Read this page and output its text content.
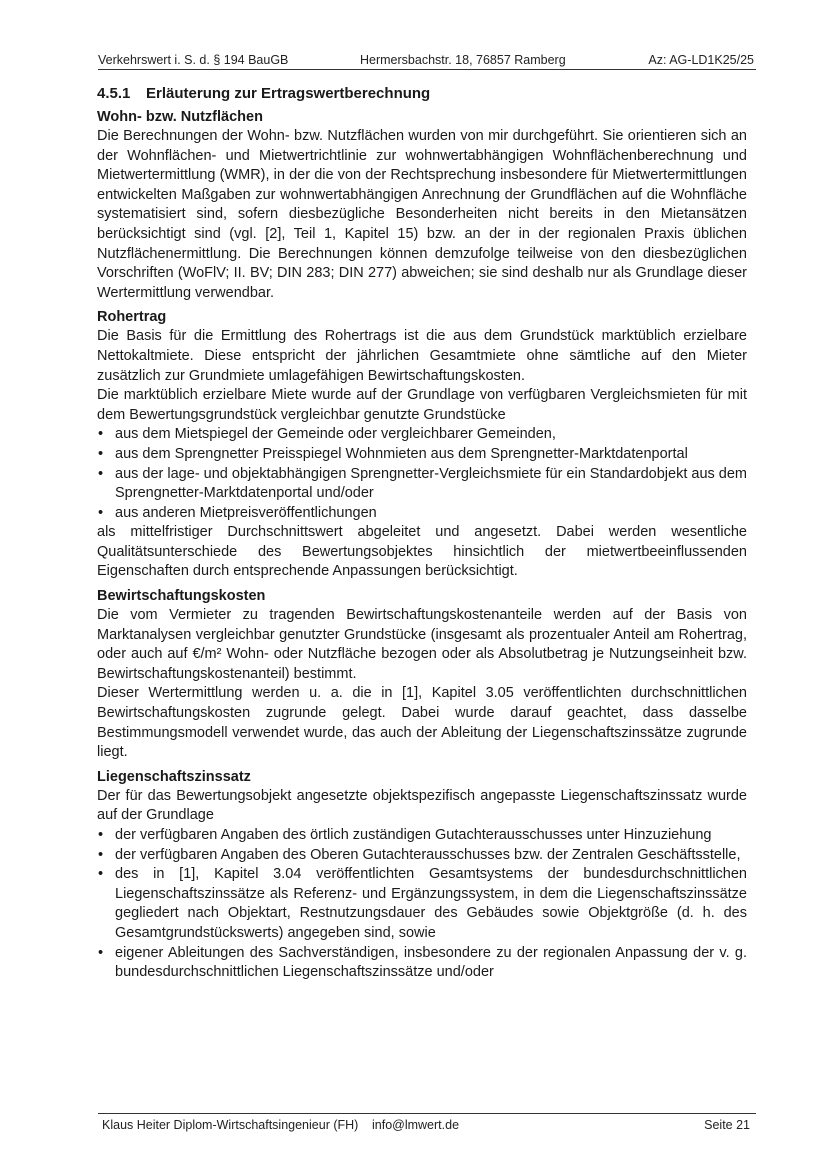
Verkehrswert i. S. d. § 194 BauGB	Hermersbachstr. 18, 76857 Ramberg	Az: AG-LD1K25/25
4.5.1 Erläuterung zur Ertragswertberechnung
Wohn- bzw. Nutzflächen

Die Berechnungen der Wohn- bzw. Nutzflächen wurden von mir durchgeführt. Sie orientieren sich an der Wohnflächen- und Mietwertrichtlinie zur wohnwertabhängigen Wohnflächenberechnung und Mietwertermittlung (WMR), in der die von der Rechtsprechung insbesondere für Mietwertermittlungen entwickelten Maßgaben zur wohnwertabhängigen Anrechnung der Grundflächen auf die Wohnfläche systematisiert sind, sofern diesbezügliche Besonderheiten nicht bereits in den Mietansätzen berücksichtigt sind (vgl. [2], Teil 1, Kapitel 15) bzw. an der in der regionalen Praxis üblichen Nutzflächenermittlung. Die Berechnungen können demzufolge teilweise von den diesbezüglichen Vorschriften (WoFlV; II. BV; DIN 283; DIN 277) abweichen; sie sind deshalb nur als Grundlage dieser Wertermittlung verwendbar.

Rohertrag

Die Basis für die Ermittlung des Rohertrags ist die aus dem Grundstück marktüblich erzielbare Nettokaltmiete. Diese entspricht der jährlichen Gesamtmiete ohne sämtliche auf den Mieter zusätzlich zur Grundmiete umlagefähigen Bewirtschaftungskosten.

Die marktüblich erzielbare Miete wurde auf der Grundlage von verfügbaren Vergleichsmieten für mit dem Bewertungsgrundstück vergleichbar genutzte Grundstücke

• aus dem Mietspiegel der Gemeinde oder vergleichbarer Gemeinden,
• aus dem Sprengnetter Preisspiegel Wohnmieten aus dem Sprengnetter-Marktdatenportal
• aus der lage- und objektabhängigen Sprengnetter-Vergleichsmiete für ein Standardobjekt aus dem Sprengnetter-Marktdatenportal und/oder
• aus anderen Mietpreisveröffentlichungen

als mittelfristiger Durchschnittswert abgeleitet und angesetzt. Dabei werden wesentliche Qualitätsunterschiede des Bewertungsobjektes hinsichtlich der mietwertbeeinflussenden Eigenschaften durch entsprechende Anpassungen berücksichtigt.

Bewirtschaftungskosten

Die vom Vermieter zu tragenden Bewirtschaftungskostenanteile werden auf der Basis von Marktanalysen vergleichbar genutzter Grundstücke (insgesamt als prozentualer Anteil am Rohertrag, oder auch auf €/m² Wohn- oder Nutzfläche bezogen oder als Absolutbetrag je Nutzungseinheit bzw. Bewirtschaftungskostenanteil) bestimmt.

Dieser Wertermittlung werden u. a. die in [1], Kapitel 3.05 veröffentlichten durchschnittlichen Bewirtschaftungskosten zugrunde gelegt. Dabei wurde darauf geachtet, dass dasselbe Bestimmungsmodell verwendet wurde, das auch der Ableitung der Liegenschaftszinssätze zugrunde liegt.

Liegenschaftszinssatz

Der für das Bewertungsobjekt angesetzte objektspezifisch angepasste Liegenschaftszinssatz wurde auf der Grundlage

• der verfügbaren Angaben des örtlich zuständigen Gutachterausschusses unter Hinzuziehung
• der verfügbaren Angaben des Oberen Gutachterausschusses bzw. der Zentralen Geschäftsstelle,
• des in [1], Kapitel 3.04 veröffentlichten Gesamtsystems der bundesdurchschnittlichen Liegenschaftszinssätze als Referenz- und Ergänzungssystem, in dem die Liegenschaftszinssätze gegliedert nach Objektart, Restnutzungsdauer des Gebäudes sowie Objektgröße (d. h. des Gesamtgrundstückswerts) angegeben sind, sowie
• eigener Ableitungen des Sachverständigen, insbesondere zu der regionalen Anpassung der v. g. bundesdurchschnittlichen Liegenschaftszinssätze und/oder
Klaus Heiter Diplom-Wirtschaftsingenieur (FH) info@lmwert.de	Seite 21
